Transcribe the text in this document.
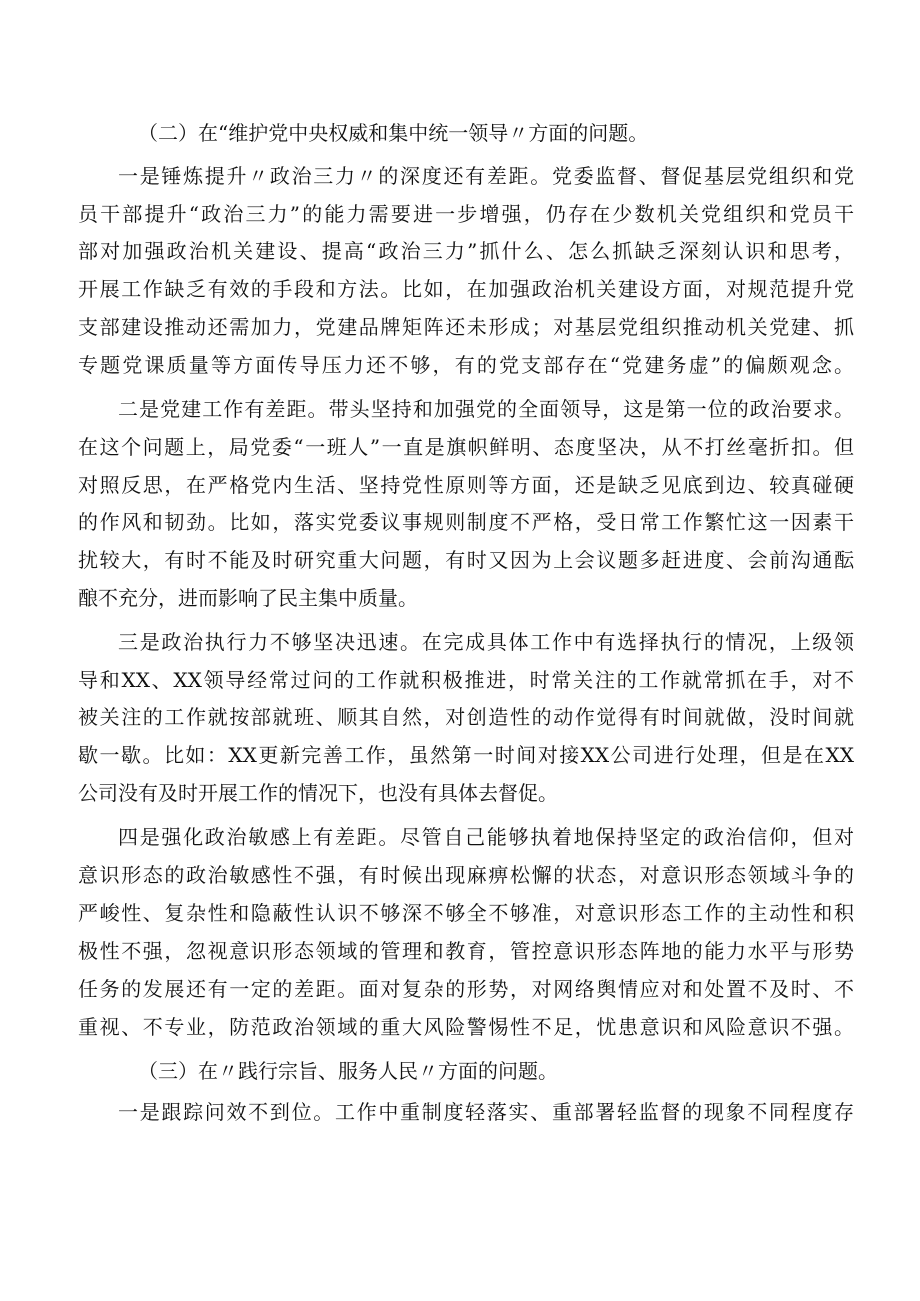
（二）在“维护党中央权威和集中统一领导〃方面的问题。
一是锤炼提升〃政治三力〃的深度还有差距。党委监督、督促基层党组织和党
员干部提升“政治三力”的能力需要进一步增强，仍存在少数机关党组织和党员干
部对加强政治机关建设、提高“政治三力”抓什么、怎么抓缺乏深刻认识和思考，
开展工作缺乏有效的手段和方法。比如，在加强政治机关建设方面，对规范提升党
支部建设推动还需加力，党建品牌矩阵还未形成；对基层党组织推动机关党建、抓
专题党课质量等方面传导压力还不够，有的党支部存在“党建务虚”的偏颇观念。
二是党建工作有差距。带头坚持和加强党的全面领导，这是第一位的政治要求。
在这个问题上，局党委“一班人”一直是旗帜鲜明、态度坚决，从不打丝毫折扣。但
对照反思，在严格党内生活、坚持党性原则等方面，还是缺乏见底到边、较真碰硬
的作风和韧劲。比如，落实党委议事规则制度不严格，受日常工作繁忙这一因素干
扰较大，有时不能及时研究重大问题，有时又因为上会议题多赶进度、会前沟通酝
酿不充分，进而影响了民主集中质量。
三是政治执行力不够坚决迅速。在完成具体工作中有选择执行的情况，上级领
导和XX、XX领导经常过问的工作就积极推进，时常关注的工作就常抓在手，对不
被关注的工作就按部就班、顺其自然，对创造性的动作觉得有时间就做，没时间就
歇一歇。比如：XX更新完善工作，虽然第一时间对接XX公司进行处理，但是在XX
公司没有及时开展工作的情况下，也没有具体去督促。
四是强化政治敏感上有差距。尽管自己能够执着地保持坚定的政治信仰，但对
意识形态的政治敏感性不强，有时候出现麻痹松懈的状态，对意识形态领域斗争的
严峻性、复杂性和隐蔽性认识不够深不够全不够准，对意识形态工作的主动性和积
极性不强，忽视意识形态领域的管理和教育，管控意识形态阵地的能力水平与形势
任务的发展还有一定的差距。面对复杂的形势，对网络舆情应对和处置不及时、不
重视、不专业，防范政治领域的重大风险警惕性不足，忧患意识和风险意识不强。
（三）在〃践行宗旨、服务人民〃方面的问题。
一是跟踪问效不到位。工作中重制度轻落实、重部署轻监督的现象不同程度存
